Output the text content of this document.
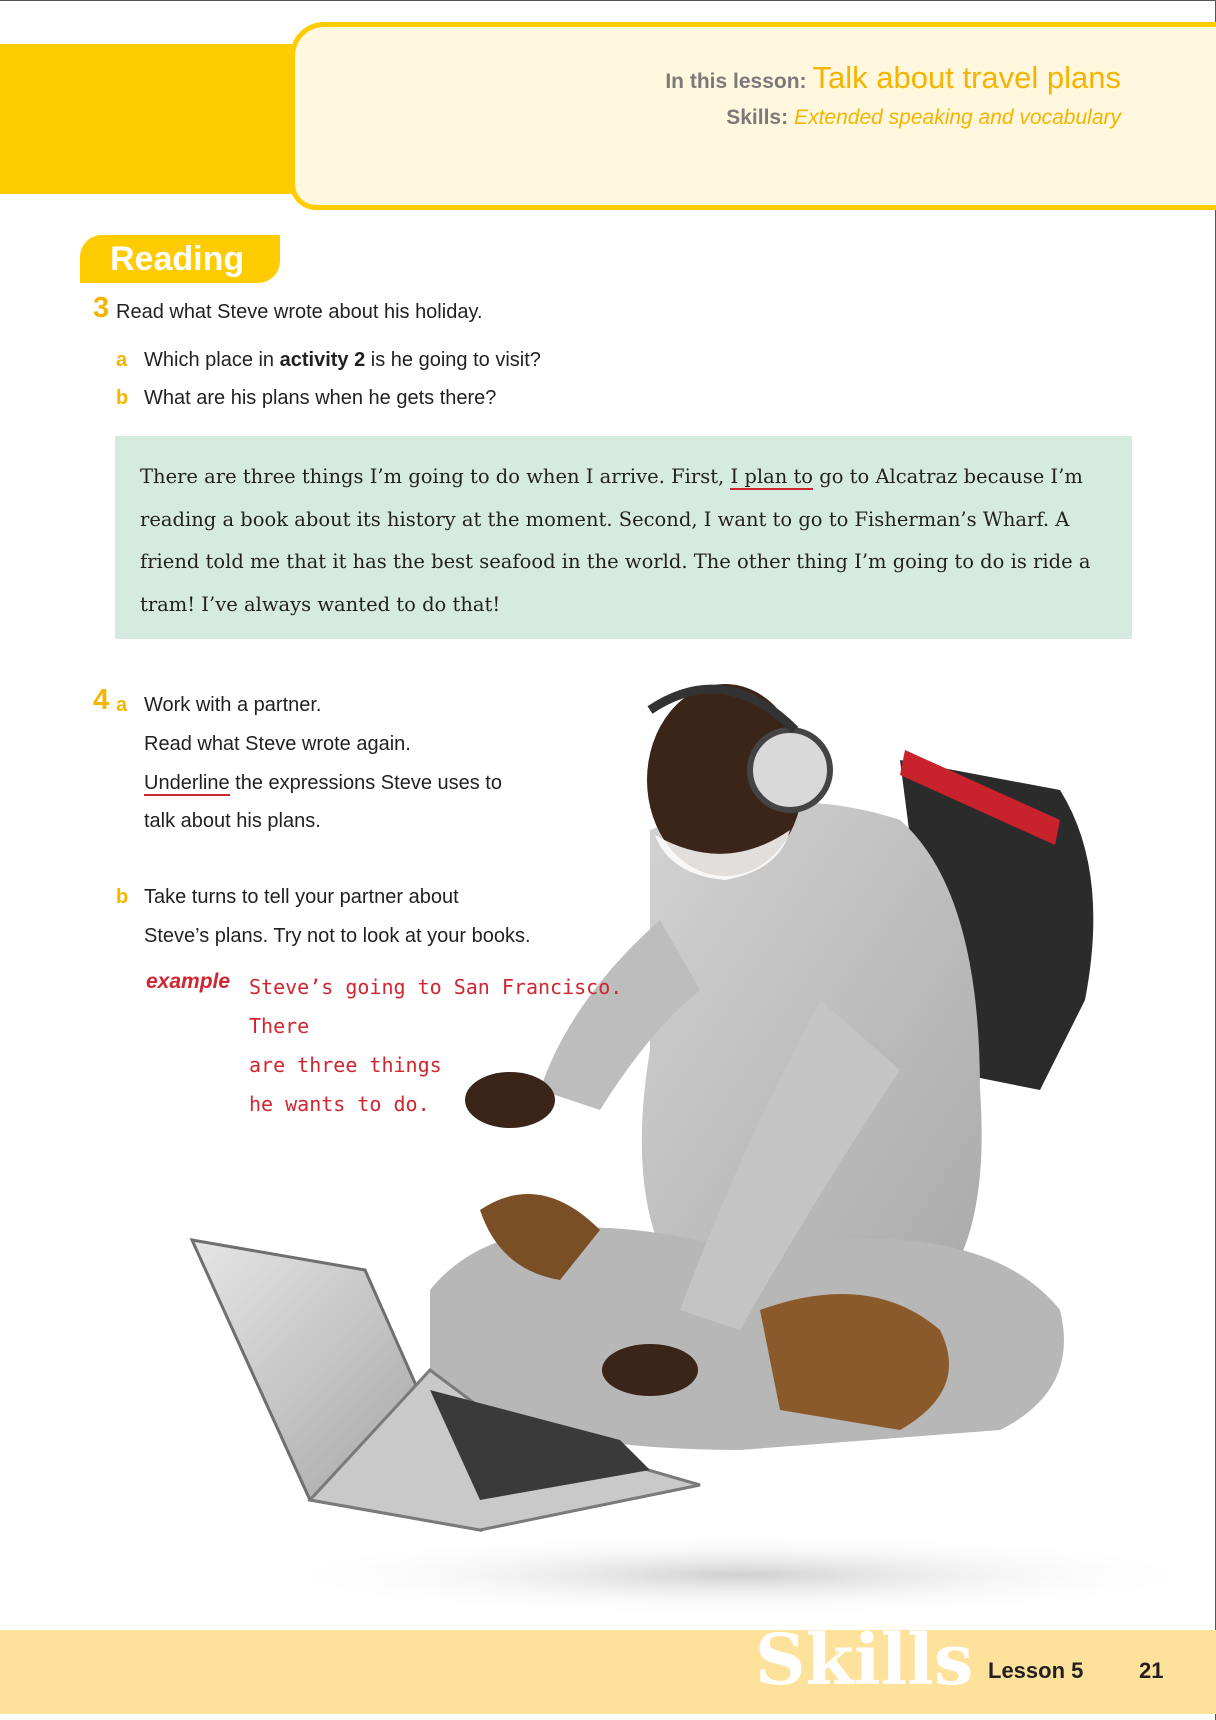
In this lesson: Talk about travel plans
Skills: Extended speaking and vocabulary
Reading
3 Read what Steve wrote about his holiday.
a Which place in activity 2 is he going to visit?
b What are his plans when he gets there?
There are three things I’m going to do when I arrive. First, I plan to go to Alcatraz because I’m reading a book about its history at the moment. Second, I want to go to Fisherman’s Wharf. A friend told me that it has the best seafood in the world. The other thing I’m going to do is ride a tram! I’ve always wanted to do that!
4 a Work with a partner.
Read what Steve wrote again.
Underline the expressions Steve uses to
talk about his plans.
b Take turns to tell your partner about
Steve’s plans. Try not to look at your books.
example Steve’s going to San Francisco. There
are three things
he wants to do.
Skills Lesson 5	21
